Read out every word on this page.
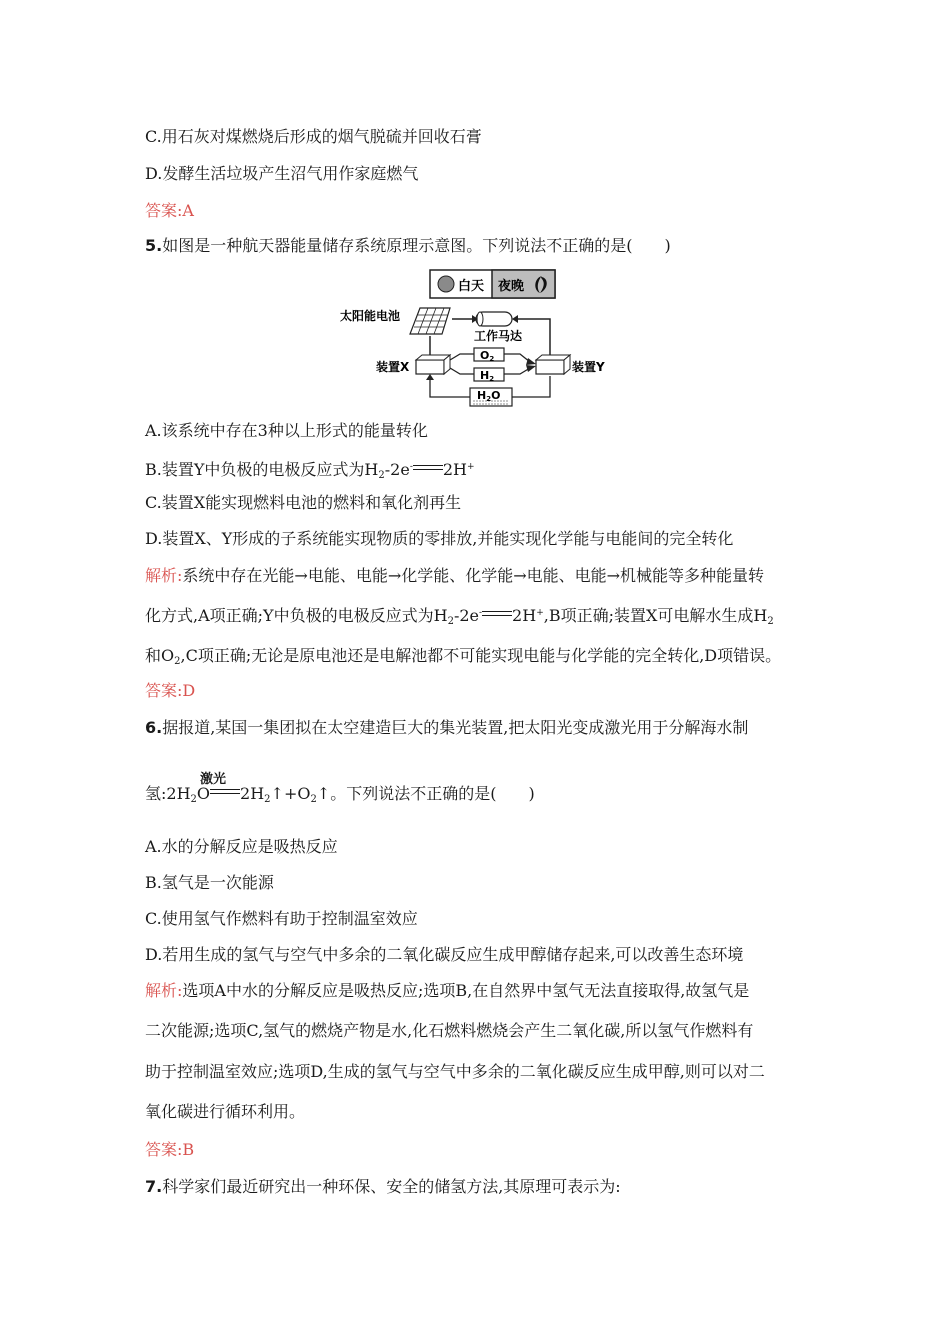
C.用石灰对煤燃烧后形成的烟气脱硫并回收石膏
D.发酵生活垃圾产生沼气用作家庭燃气
答案:A
5.如图是一种航天器能量储存系统原理示意图。下列说法不正确的是(　　)
白天 夜晚
太阳能电池
工作马达
装置X	装置Y
O2
H2
H2O
A.该系统中存在3种以上形式的能量转化
B.装置Y中负极的电极反应式为$H_2-2e^-$ 2H+
C.装置X能实现燃料电池的燃料和氧化剂再生
D.装置X、Y形成的子系统能实现物质的零排放,并能实现化学能与电能间的完全转化
解析:系统中存在光能→电能、电能→化学能、化学能→电能、电能→机械能等多种能量转
化方式,A项正确;Y中负极的电极反应式为$H_2-2e^-$ 2H+,B项正确;装置X可电解水生成$H_2$
和$O_2,C$项正确;无论是原电池还是电解池都不可能实现电能与化学能的完全转化,D项错误。
答案:D
6.据报道,某国一集团拟在太空建造巨大的集光装置,把太阳光变成激光用于分解海水制
激光
氢$:2H_2O$ $2H_2↑+O_2↑$。下列说法不正确的是(　　)
A.水的分解反应是吸热反应
B.氢气是一次能源
C.使用氢气作燃料有助于控制温室效应
D.若用生成的氢气与空气中多余的二氧化碳反应生成甲醇储存起来,可以改善生态环境
解析:选项A中水的分解反应是吸热反应;选项B,在自然界中氢气无法直接取得,故氢气是
二次能源;选项C,氢气的燃烧产物是水,化石燃料燃烧会产生二氧化碳,所以氢气作燃料有
助于控制温室效应;选项D,生成的氢气与空气中多余的二氧化碳反应生成甲醇,则可以对二
氧化碳进行循环利用。
答案:B
7.科学家们最近研究出一种环保、安全的储氢方法,其原理可表示为:
